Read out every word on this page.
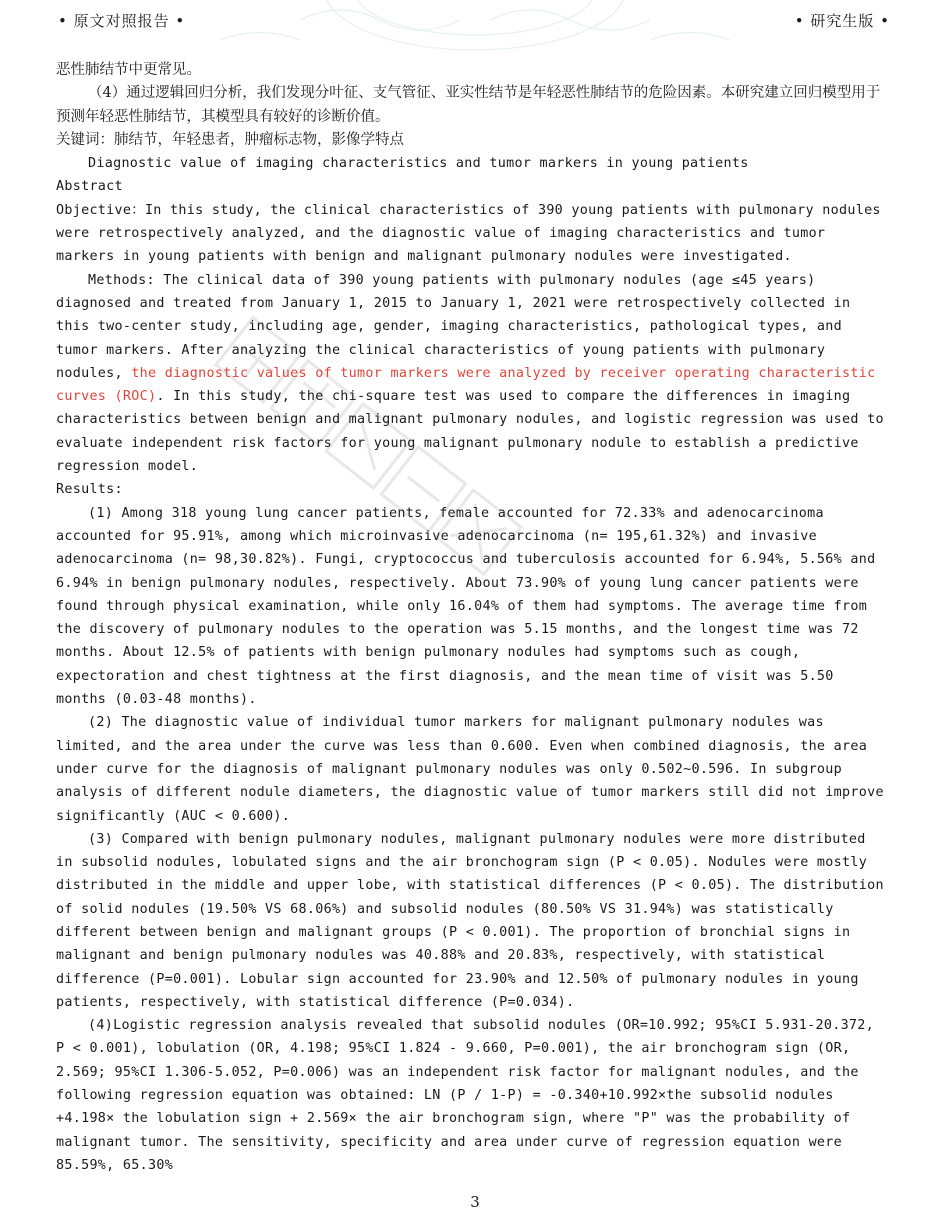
• 原文对照报告 •	• 研究生版 •

恶性肺结节中更常见。

（4）通过逻辑回归分析，我们发现分叶征、支气管征、亚实性结节是年轻恶性肺结节的危险因素。本研究建立回归模型用于预测年轻恶性肺结节，其模型具有较好的诊断价值。

关键词：肺结节，年轻患者，肿瘤标志物，影像学特点

Diagnostic value of imaging characteristics and tumor markers in young patients

Abstract

Objective：In this study, the clinical characteristics of 390 young patients with pulmonary nodules were retrospectively analyzed, and the diagnostic value of imaging characteristics and tumor markers in young patients with benign and malignant pulmonary nodules were investigated.

Methods: The clinical data of 390 young patients with pulmonary nodules (age ≤45 years) diagnosed and treated from January 1, 2015 to January 1, 2021 were retrospectively collected in this two-center study, including age, gender, imaging characteristics, pathological types, and tumor markers. After analyzing the clinical characteristics of young patients with pulmonary nodules, the diagnostic values of tumor markers were analyzed by receiver operating characteristic curves (ROC). In this study, the chi-square test was used to compare the differences in imaging characteristics between benign and malignant pulmonary nodules, and logistic regression was used to evaluate independent risk factors for young malignant pulmonary nodule to establish a predictive regression model.

Results:

(1) Among 318 young lung cancer patients, female accounted for 72.33% and adenocarcinoma accounted for 95.91%, among which microinvasive adenocarcinoma (n= 195,61.32%) and invasive adenocarcinoma (n= 98,30.82%). Fungi, cryptococcus and tuberculosis accounted for 6.94%, 5.56% and 6.94% in benign pulmonary nodules, respectively. About 73.90% of young lung cancer patients were found through physical examination, while only 16.04% of them had symptoms. The average time from the discovery of pulmonary nodules to the operation was 5.15 months, and the longest time was 72 months. About 12.5% of patients with benign pulmonary nodules had symptoms such as cough, expectoration and chest tightness at the first diagnosis, and the mean time of visit was 5.50 months (0.03-48 months).

(2) The diagnostic value of individual tumor markers for malignant pulmonary nodules was limited, and the area under the curve was less than 0.600. Even when combined diagnosis, the area under curve for the diagnosis of malignant pulmonary nodules was only 0.502~0.596. In subgroup analysis of different nodule diameters, the diagnostic value of tumor markers still did not improve significantly (AUC < 0.600).

(3) Compared with benign pulmonary nodules, malignant pulmonary nodules were more distributed in subsolid nodules, lobulated signs and the air bronchogram sign (P < 0.05). Nodules were mostly distributed in the middle and upper lobe, with statistical differences (P < 0.05). The distribution of solid nodules (19.50% VS 68.06%) and subsolid nodules (80.50% VS 31.94%) was statistically different between benign and malignant groups (P < 0.001). The proportion of bronchial signs in malignant and benign pulmonary nodules was 40.88% and 20.83%, respectively, with statistical difference (P=0.001). Lobular sign accounted for 23.90% and 12.50% of pulmonary nodules in young patients, respectively, with statistical difference (P=0.034).

(4)Logistic regression analysis revealed that subsolid nodules (OR=10.992; 95%CI 5.931-20.372, P < 0.001), lobulation (OR, 4.198; 95%CI 1.824 - 9.660, P=0.001), the air bronchogram sign (OR, 2.569; 95%CI 1.306-5.052, P=0.006) was an independent risk factor for malignant nodules, and the following regression equation was obtained: LN (P / 1-P) = -0.340+10.992×the subsolid nodules +4.198× the lobulation sign + 2.569× the air bronchogram sign, where "P" was the probability of malignant tumor. The sensitivity, specificity and area under curve of regression equation were 85.59%, 65.30%

3
